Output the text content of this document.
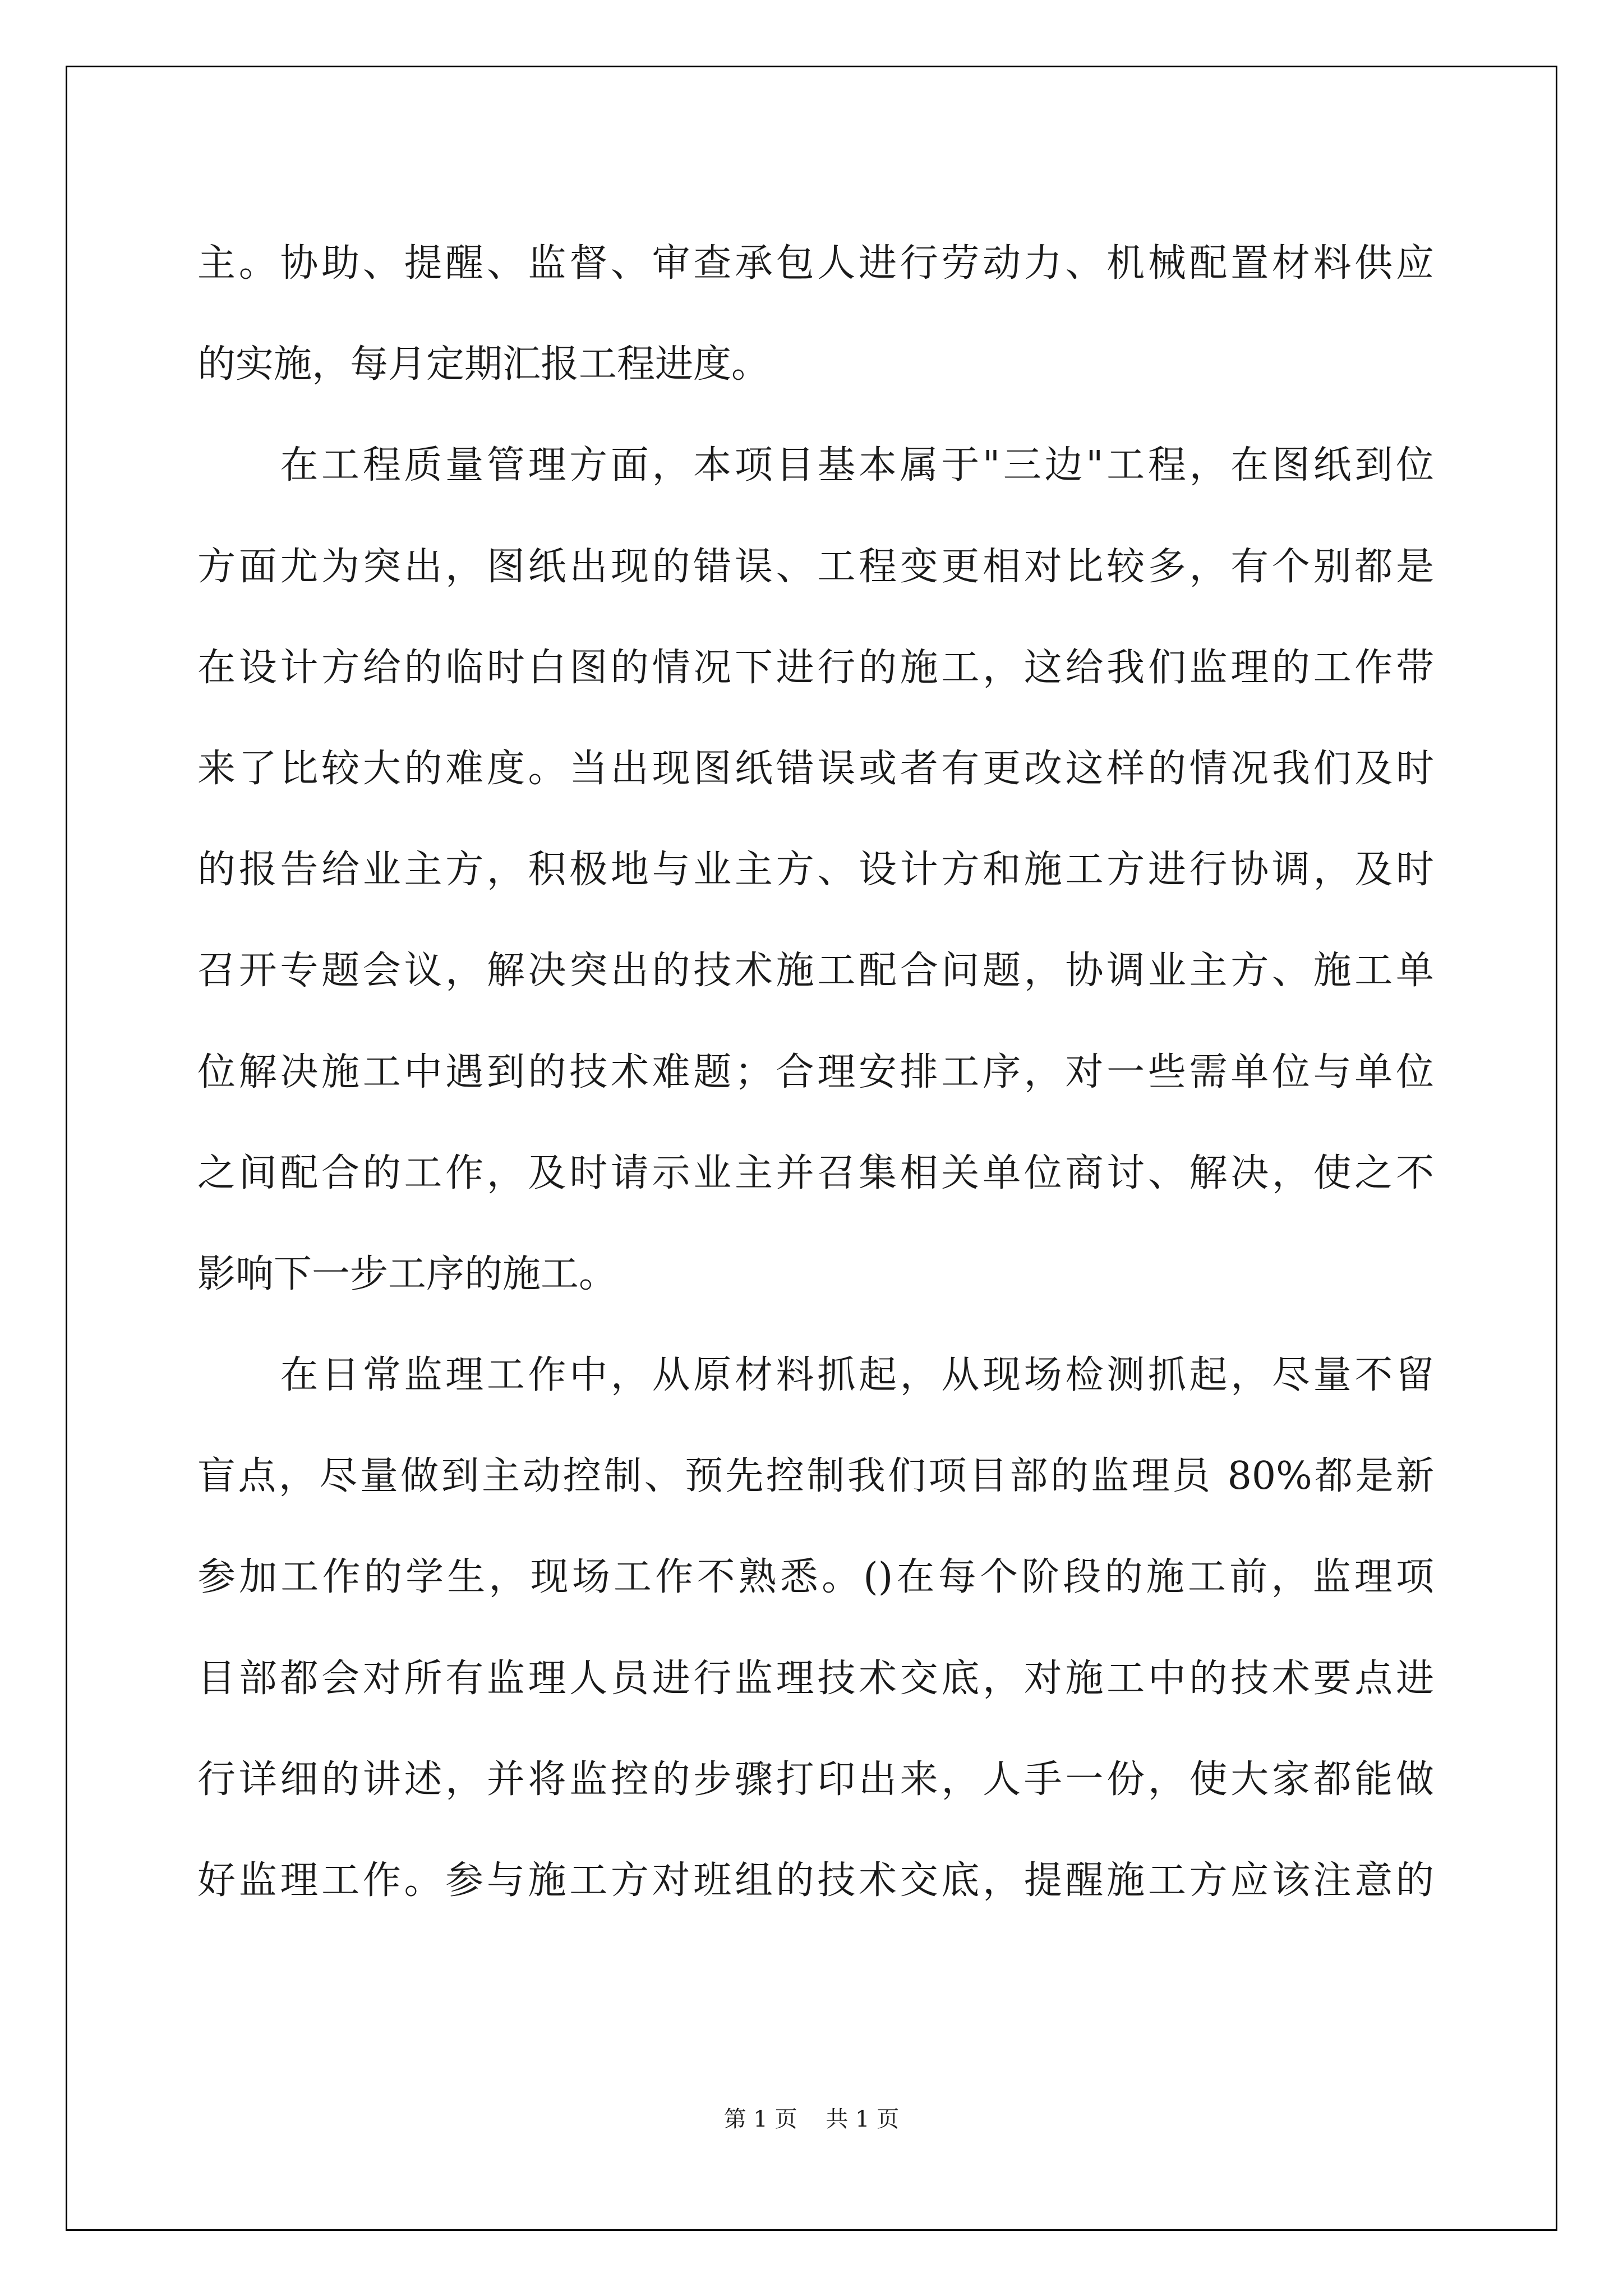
主。协助、提醒、监督、审查承包人进行劳动力、机械配置材料供应
的实施，每月定期汇报工程进度。
　　在工程质量管理方面，本项目基本属于"三边"工程，在图纸到位
方面尤为突出，图纸出现的错误、工程变更相对比较多，有个别都是
在设计方给的临时白图的情况下进行的施工，这给我们监理的工作带
来了比较大的难度。当出现图纸错误或者有更改这样的情况我们及时
的报告给业主方，积极地与业主方、设计方和施工方进行协调，及时
召开专题会议，解决突出的技术施工配合问题，协调业主方、施工单
位解决施工中遇到的技术难题；合理安排工序，对一些需单位与单位
之间配合的工作，及时请示业主并召集相关单位商讨、解决，使之不
影响下一步工序的施工。
　　在日常监理工作中，从原材料抓起，从现场检测抓起，尽量不留
盲点，尽量做到主动控制、预先控制我们项目部的监理员 80%都是新
参加工作的学生，现场工作不熟悉。()在每个阶段的施工前，监理项
目部都会对所有监理人员进行监理技术交底，对施工中的技术要点进
行详细的讲述，并将监控的步骤打印出来，人手一份，使大家都能做
好监理工作。参与施工方对班组的技术交底，提醒施工方应该注意的
第 1 页    共 1 页
